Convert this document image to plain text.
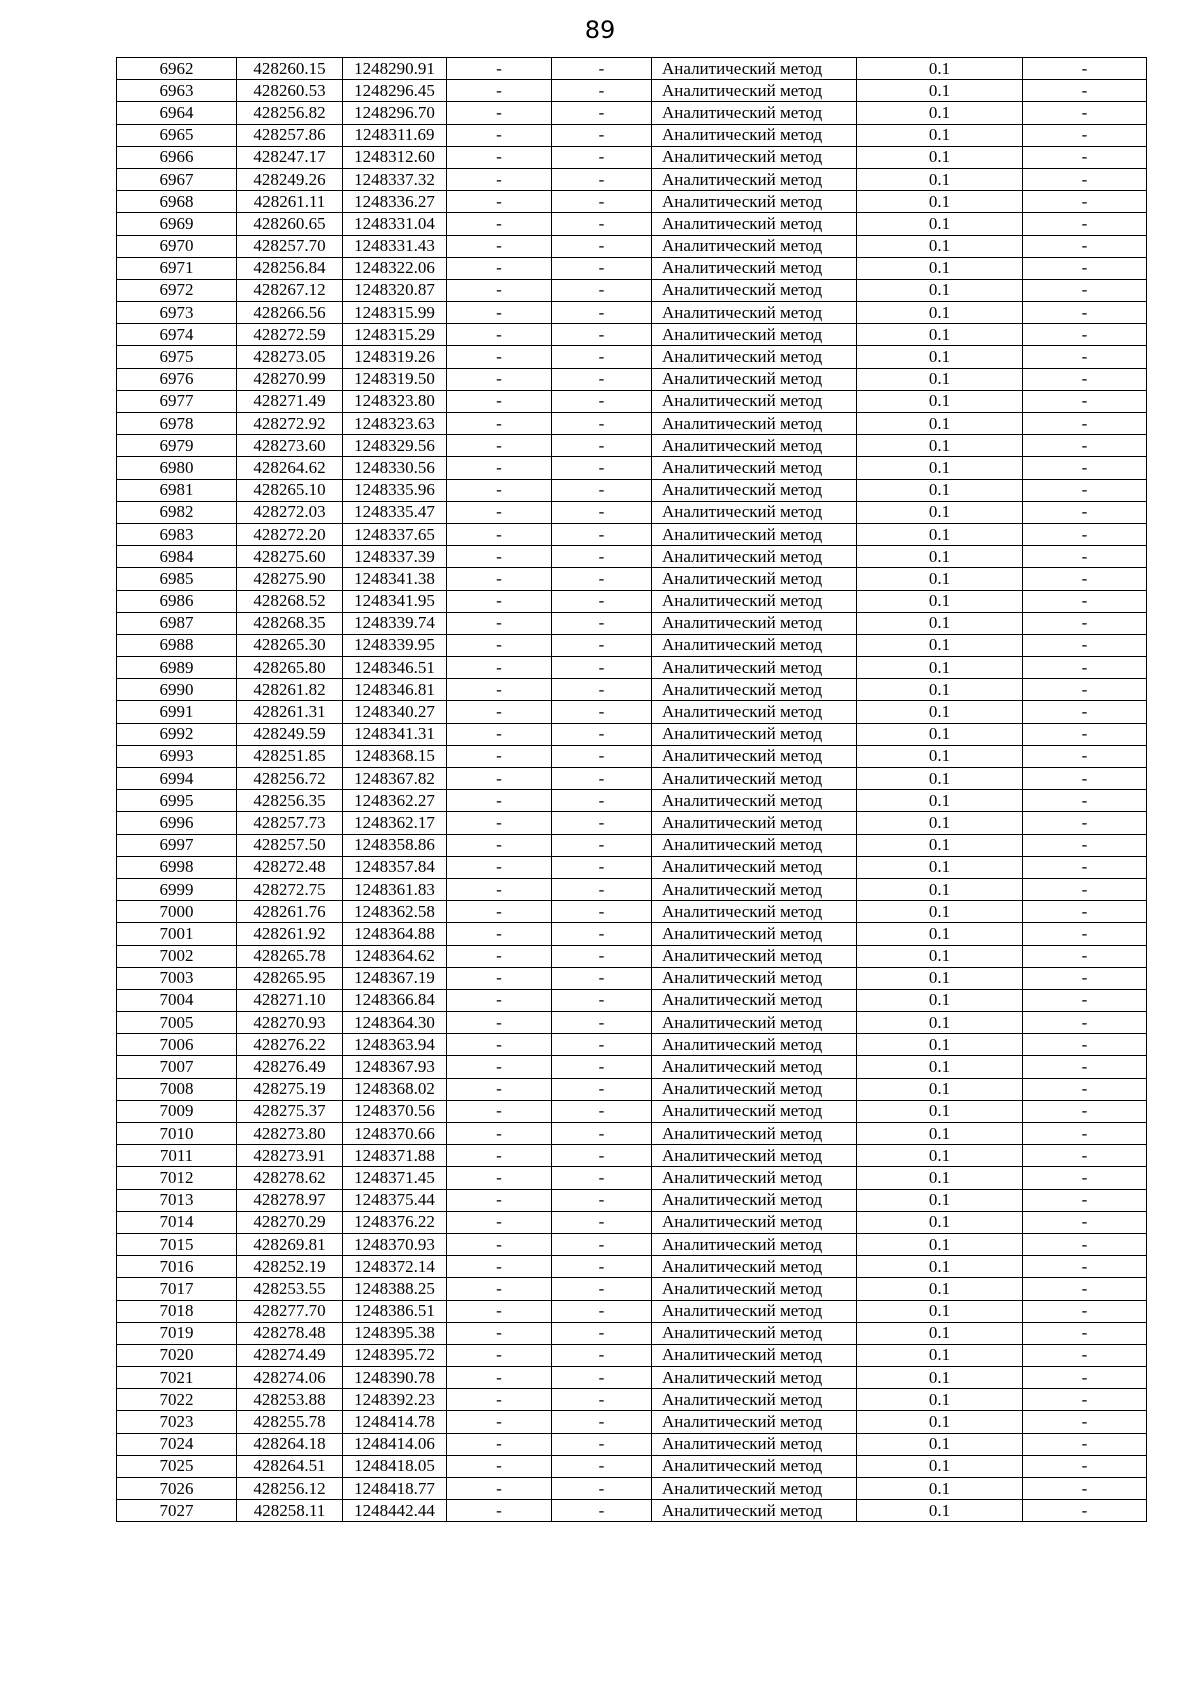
89
6962	428260.15	1248290.91	-	-	Аналитический метод	0.1	-
6963	428260.53	1248296.45	-	-	Аналитический метод	0.1	-
6964	428256.82	1248296.70	-	-	Аналитический метод	0.1	-
6965	428257.86	1248311.69	-	-	Аналитический метод	0.1	-
6966	428247.17	1248312.60	-	-	Аналитический метод	0.1	-
6967	428249.26	1248337.32	-	-	Аналитический метод	0.1	-
6968	428261.11	1248336.27	-	-	Аналитический метод	0.1	-
6969	428260.65	1248331.04	-	-	Аналитический метод	0.1	-
6970	428257.70	1248331.43	-	-	Аналитический метод	0.1	-
6971	428256.84	1248322.06	-	-	Аналитический метод	0.1	-
6972	428267.12	1248320.87	-	-	Аналитический метод	0.1	-
6973	428266.56	1248315.99	-	-	Аналитический метод	0.1	-
6974	428272.59	1248315.29	-	-	Аналитический метод	0.1	-
6975	428273.05	1248319.26	-	-	Аналитический метод	0.1	-
6976	428270.99	1248319.50	-	-	Аналитический метод	0.1	-
6977	428271.49	1248323.80	-	-	Аналитический метод	0.1	-
6978	428272.92	1248323.63	-	-	Аналитический метод	0.1	-
6979	428273.60	1248329.56	-	-	Аналитический метод	0.1	-
6980	428264.62	1248330.56	-	-	Аналитический метод	0.1	-
6981	428265.10	1248335.96	-	-	Аналитический метод	0.1	-
6982	428272.03	1248335.47	-	-	Аналитический метод	0.1	-
6983	428272.20	1248337.65	-	-	Аналитический метод	0.1	-
6984	428275.60	1248337.39	-	-	Аналитический метод	0.1	-
6985	428275.90	1248341.38	-	-	Аналитический метод	0.1	-
6986	428268.52	1248341.95	-	-	Аналитический метод	0.1	-
6987	428268.35	1248339.74	-	-	Аналитический метод	0.1	-
6988	428265.30	1248339.95	-	-	Аналитический метод	0.1	-
6989	428265.80	1248346.51	-	-	Аналитический метод	0.1	-
6990	428261.82	1248346.81	-	-	Аналитический метод	0.1	-
6991	428261.31	1248340.27	-	-	Аналитический метод	0.1	-
6992	428249.59	1248341.31	-	-	Аналитический метод	0.1	-
6993	428251.85	1248368.15	-	-	Аналитический метод	0.1	-
6994	428256.72	1248367.82	-	-	Аналитический метод	0.1	-
6995	428256.35	1248362.27	-	-	Аналитический метод	0.1	-
6996	428257.73	1248362.17	-	-	Аналитический метод	0.1	-
6997	428257.50	1248358.86	-	-	Аналитический метод	0.1	-
6998	428272.48	1248357.84	-	-	Аналитический метод	0.1	-
6999	428272.75	1248361.83	-	-	Аналитический метод	0.1	-
7000	428261.76	1248362.58	-	-	Аналитический метод	0.1	-
7001	428261.92	1248364.88	-	-	Аналитический метод	0.1	-
7002	428265.78	1248364.62	-	-	Аналитический метод	0.1	-
7003	428265.95	1248367.19	-	-	Аналитический метод	0.1	-
7004	428271.10	1248366.84	-	-	Аналитический метод	0.1	-
7005	428270.93	1248364.30	-	-	Аналитический метод	0.1	-
7006	428276.22	1248363.94	-	-	Аналитический метод	0.1	-
7007	428276.49	1248367.93	-	-	Аналитический метод	0.1	-
7008	428275.19	1248368.02	-	-	Аналитический метод	0.1	-
7009	428275.37	1248370.56	-	-	Аналитический метод	0.1	-
7010	428273.80	1248370.66	-	-	Аналитический метод	0.1	-
7011	428273.91	1248371.88	-	-	Аналитический метод	0.1	-
7012	428278.62	1248371.45	-	-	Аналитический метод	0.1	-
7013	428278.97	1248375.44	-	-	Аналитический метод	0.1	-
7014	428270.29	1248376.22	-	-	Аналитический метод	0.1	-
7015	428269.81	1248370.93	-	-	Аналитический метод	0.1	-
7016	428252.19	1248372.14	-	-	Аналитический метод	0.1	-
7017	428253.55	1248388.25	-	-	Аналитический метод	0.1	-
7018	428277.70	1248386.51	-	-	Аналитический метод	0.1	-
7019	428278.48	1248395.38	-	-	Аналитический метод	0.1	-
7020	428274.49	1248395.72	-	-	Аналитический метод	0.1	-
7021	428274.06	1248390.78	-	-	Аналитический метод	0.1	-
7022	428253.88	1248392.23	-	-	Аналитический метод	0.1	-
7023	428255.78	1248414.78	-	-	Аналитический метод	0.1	-
7024	428264.18	1248414.06	-	-	Аналитический метод	0.1	-
7025	428264.51	1248418.05	-	-	Аналитический метод	0.1	-
7026	428256.12	1248418.77	-	-	Аналитический метод	0.1	-
7027	428258.11	1248442.44	-	-	Аналитический метод	0.1	-
